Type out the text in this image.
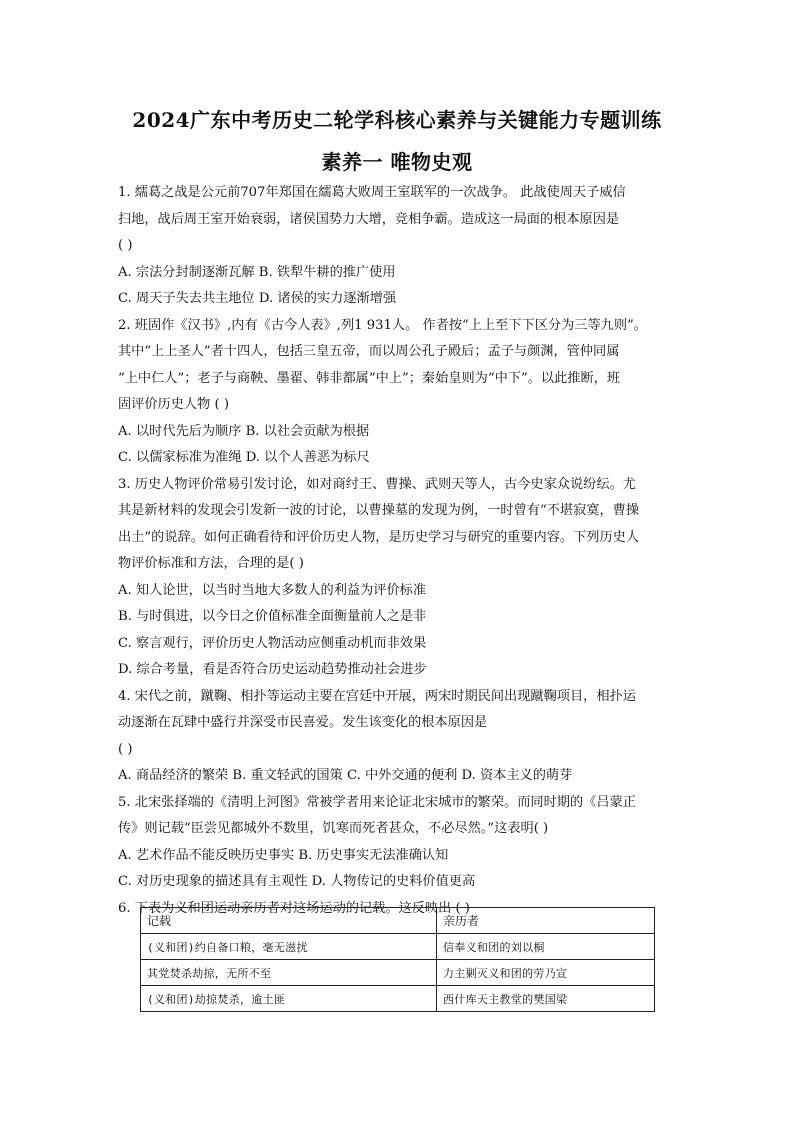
2024广东中考历史二轮学科核心素养与关键能力专题训练
素养一 唯物史观
1. 繻葛之战是公元前707年郑国在繻葛大败周王室联军的一次战争。 此战使周天子威信
扫地，战后周王室开始衰弱，诸侯国势力大增，竞相争霸。造成这一局面的根本原因是
( )
A. 宗法分封制逐渐瓦解 B. 铁犁牛耕的推广使用
C. 周天子失去共主地位 D. 诸侯的实力逐渐增强
2. 班固作《汉书》,内有《古今人表》,列1 931人。 作者按“上上至下下区分为三等九则”。
其中“上上圣人”者十四人，包括三皇五帝，而以周公孔子殿后；孟子与颜渊，管仲同属
“上中仁人”；老子与商鞅、墨翟、韩非都属“中上”；秦始皇则为“中下”。以此推断，班
固评价历史人物 ( )
A. 以时代先后为顺序 B. 以社会贡献为根据
C. 以儒家标准为准绳 D. 以个人善恶为标尺
3. 历史人物评价常易引发讨论，如对商纣王、曹操、武则天等人，古今史家众说纷纭。尤
其是新材料的发现会引发新一波的讨论，以曹操墓的发现为例，一时曾有“不堪寂寞，曹操
出土”的说辞。如何正确看待和评价历史人物，是历史学习与研究的重要内容。下列历史人
物评价标准和方法，合理的是( )
A. 知人论世，以当时当地大多数人的利益为评价标准
B. 与时俱进，以今日之价值标准全面衡量前人之是非
C. 察言观行，评价历史人物活动应侧重动机而非效果
D. 综合考量，看是否符合历史运动趋势推动社会进步
4. 宋代之前，蹴鞠、相扑等运动主要在宫廷中开展，两宋时期民间出现蹴鞠项目，相扑运
动逐渐在瓦肆中盛行并深受市民喜爱。发生该变化的根本原因是
( )
A. 商品经济的繁荣 B. 重文轻武的国策 C. 中外交通的便利 D. 资本主义的萌芽
5. 北宋张择端的《清明上河图》常被学者用来论证北宋城市的繁荣。而同时期的《吕蒙正
传》则记载“臣尝见都城外不数里，饥寒而死者甚众，不必尽然。”这表明( )
A. 艺术作品不能反映历史事实 B. 历史事实无法准确认知
C. 对历史现象的描述具有主观性 D. 人物传记的史料价值更高
6. 下表为义和团运动亲历者对这场运动的记载。这反映出 ( )
记载	亲历者
(义和团)约自备口粮，毫无滋扰	信奉义和团的刘以桐
其党焚杀劫掠，无所不至	力主剿灭义和团的劳乃宣
(义和团)劫掠焚杀，逾土匪	西什库天主教堂的樊国梁
